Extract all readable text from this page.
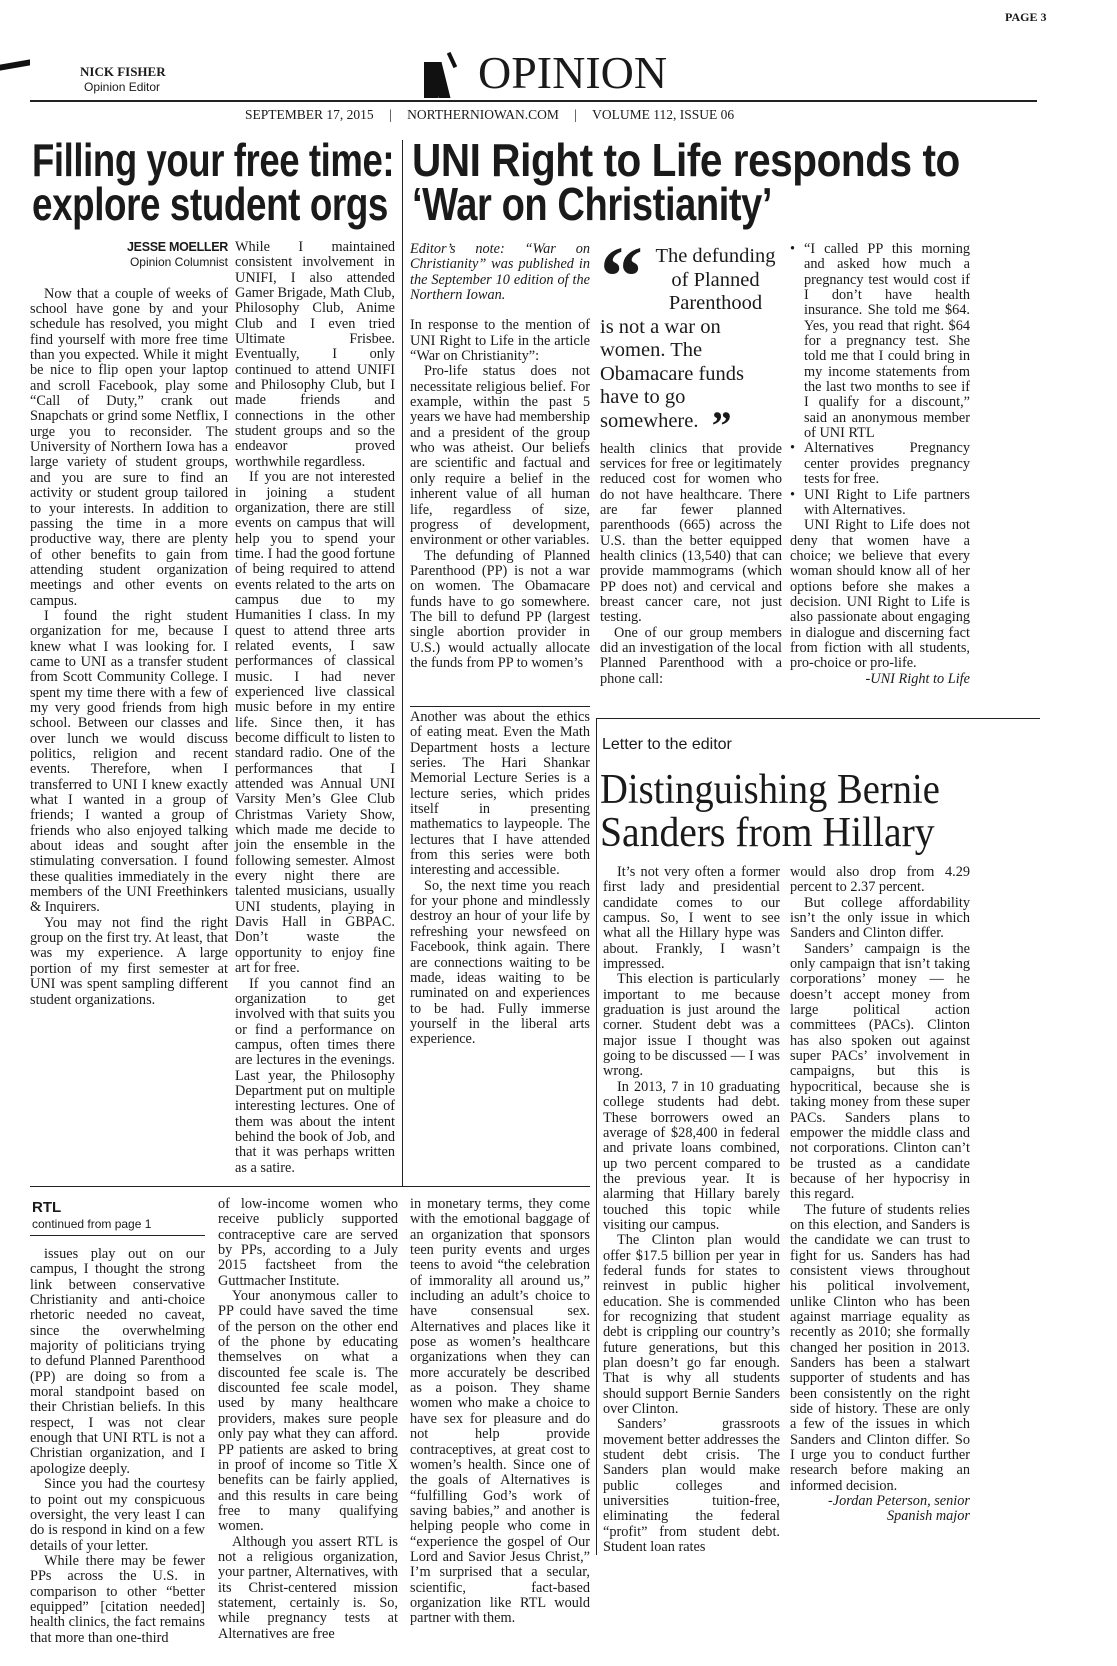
NICK FISHER
Opinion Editor	OPINION
PAGE 3
SEPTEMBER 17, 2015 | NORTHERNIOWAN.COM | VOLUME 112, ISSUE 06
Filling your free time:
explore student orgs
UNI Right to Life responds to
‘War on Christianity’
JESSE MOELLER
Opinion Columnist

Now that a couple of weeks of school have gone by and your schedule has resolved, you might find yourself with more free time than you expected. While it might be nice to flip open your laptop and scroll Facebook, play some “Call of Duty,” crank out Snapchats or grind some Netflix, I urge you to reconsider. The University of Northern Iowa has a large variety of student groups, and you are sure to find an activity or student group tailored to your interests. In addition to passing the time in a more productive way, there are plenty of other benefits to gain from attending student organization meetings and other events on campus.

I found the right student organization for me, because I knew what I was looking for. I came to UNI as a transfer student from Scott Community College. I spent my time there with a few of my very good friends from high school. Between our classes and over lunch we would discuss politics, religion and recent events. Therefore, when I transferred to UNI I knew exactly what I wanted in a group of friends; I wanted a group of friends who also enjoyed talking about ideas and sought after stimulating conversation. I found these qualities immediately in the members of the UNI Freethinkers & Inquirers.

You may not find the right group on the first try. At least, that was my experience. A large portion of my first semester at UNI was spent sampling different student organizations.

While I maintained consistent involvement in UNIFI, I also attended Gamer Brigade, Math Club, Philosophy Club, Anime Club and I even tried Ultimate Frisbee. Eventually, I only continued to attend UNIFI and Philosophy Club, but I made friends and connections in the other student groups and so the endeavor proved worthwhile regardless.

If you are not interested in joining a student organization, there are still events on campus that will help you to spend your time. I had the good fortune of being required to attend events related to the arts on campus due to my Humanities I class. In my quest to attend three arts related events, I saw performances of classical music. I had never experienced live classical music before in my entire life. Since then, it has become difficult to listen to standard radio. One of the performances that I attended was Annual UNI Varsity Men’s Glee Club Christmas Variety Show, which made me decide to join the ensemble in the following semester. Almost every night there are talented musicians, usually UNI students, playing in Davis Hall in GBPAC. Don’t waste the opportunity to enjoy fine art for free.

If you cannot find an organization to get involved with that suits you or find a performance on campus, often times there are lectures in the evenings. Last year, the Philosophy Department put on multiple interesting lectures. One of them was about the intent behind the book of Job, and that it was perhaps written as a satire.

Another was about the ethics of eating meat. Even the Math Department hosts a lecture series. The Hari Shankar Memorial Lecture Series is a lecture series, which prides itself in presenting mathematics to laypeople. The lectures that I have attended from this series were both interesting and accessible.

So, the next time you reach for your phone and mindlessly destroy an hour of your life by refreshing your newsfeed on Facebook, think again. There are connections waiting to be made, ideas waiting to be ruminated on and experiences to be had. Fully immerse yourself in the liberal arts experience.

Editor’s note: “War on Christianity” was published in the September 10 edition of the Northern Iowan.

In response to the mention of UNI Right to Life in the article “War on Christianity”:

Pro-life status does not necessitate religious belief. For example, within the past 5 years we have had membership and a president of the group who was atheist. Our beliefs are scientific and factual and only require a belief in the inherent value of all human life, regardless of size, progress of development, environment or other variables.

The defunding of Planned Parenthood (PP) is not a war on women. The Obamacare funds have to go somewhere. The bill to defund PP (largest single abortion provider in U.S.) would actually allocate the funds from PP to women’s

“ The defunding of Planned Parenthood
is not a war on women. The Obamacare funds have to go somewhere. ”

health clinics that provide services for free or legitimately reduced cost for women who do not have healthcare. There are far fewer planned parenthoods (665) across the U.S. than the better equipped health clinics (13,540) that can provide mammograms (which PP does not) and cervical and breast cancer care, not just testing.

One of our group members did an investigation of the local Planned Parenthood with a phone call:

• “I called PP this morning and asked how much a pregnancy test would cost if I don’t have health insurance. She told me $64. Yes, you read that right. $64 for a pregnancy test. She told me that I could bring in my income statements from the last two months to see if I qualify for a discount,” said an anonymous member of UNI RTL

• Alternatives Pregnancy center provides pregnancy tests for free.

• UNI Right to Life partners with Alternatives.

UNI Right to Life does not deny that women have a choice; we believe that every woman should know all of her options before she makes a decision. UNI Right to Life is also passionate about engaging in dialogue and discerning fact from fiction with all students, pro-choice or pro-life.

-UNI Right to Life

Letter to the editor
Distinguishing Bernie
Sanders from Hillary

It’s not very often a former first lady and presidential candidate comes to our campus. So, I went to see what all the Hillary hype was about. Frankly, I wasn’t impressed.

This election is particularly important to me because graduation is just around the corner. Student debt was a major issue I thought was going to be discussed — I was wrong.

In 2013, 7 in 10 graduating college students had debt. These borrowers owed an average of $28,400 in federal and private loans combined, up two percent compared to the previous year. It is alarming that Hillary barely touched this topic while visiting our campus.

The Clinton plan would offer $17.5 billion per year in federal funds for states to reinvest in public higher education. She is commended for recognizing that student debt is crippling our country’s future generations, but this plan doesn’t go far enough. That is why all students should support Bernie Sanders over Clinton.

Sanders’ grassroots movement better addresses the student debt crisis. The Sanders plan would make public colleges and universities tuition-free, eliminating the federal “profit” from student debt. Student loan rates

would also drop from 4.29 percent to 2.37 percent.

But college affordability isn’t the only issue in which Sanders and Clinton differ.

Sanders’ campaign is the only campaign that isn’t taking corporations’ money — he doesn’t accept money from large political action committees (PACs). Clinton has also spoken out against super PACs’ involvement in campaigns, but this is hypocritical, because she is taking money from these super PACs. Sanders plans to empower the middle class and not corporations. Clinton can’t be trusted as a candidate because of her hypocrisy in this regard.

The future of students relies on this election, and Sanders is the candidate we can trust to fight for us. Sanders has had consistent views throughout his political involvement, unlike Clinton who has been against marriage equality as recently as 2010; she formally changed her position in 2013. Sanders has been a stalwart supporter of students and has been consistently on the right side of history. These are only a few of the issues in which Sanders and Clinton differ. So I urge you to conduct further research before making an informed decision.

-Jordan Peterson, senior

Spanish major

RTL
continued from page 1

issues play out on our campus, I thought the strong link between conservative Christianity and anti-choice rhetoric needed no caveat, since the overwhelming majority of politicians trying to defund Planned Parenthood (PP) are doing so from a moral standpoint based on their Christian beliefs. In this respect, I was not clear enough that UNI RTL is not a Christian organization, and I apologize deeply.

Since you had the courtesy to point out my conspicuous oversight, the very least I can do is respond in kind on a few details of your letter.

While there may be fewer PPs across the U.S. in comparison to other “better equipped” [citation needed] health clinics, the fact remains that more than one-third

of low-income women who receive publicly supported contraceptive care are served by PPs, according to a July 2015 factsheet from the Guttmacher Institute.

Your anonymous caller to PP could have saved the time of the person on the other end of the phone by educating themselves on what a discounted fee scale is. The discounted fee scale model, used by many healthcare providers, makes sure people only pay what they can afford. PP patients are asked to bring in proof of income so Title X benefits can be fairly applied, and this results in care being free to many qualifying women.

Although you assert RTL is not a religious organization, your partner, Alternatives, with its Christ-centered mission statement, certainly is. So, while pregnancy tests at Alternatives are free

in monetary terms, they come with the emotional baggage of an organization that sponsors teen purity events and urges teens to avoid “the celebration of immorality all around us,” including an adult’s choice to have consensual sex. Alternatives and places like it pose as women’s healthcare organizations when they can more accurately be described as a poison. They shame women who make a choice to have sex for pleasure and do not help provide contraceptives, at great cost to women’s health. Since one of the goals of Alternatives is “fulfilling God’s work of saving babies,” and another is helping people who come in “experience the gospel of Our Lord and Savior Jesus Christ,” I’m surprised that a secular, scientific, fact-based organization like RTL would partner with them.
